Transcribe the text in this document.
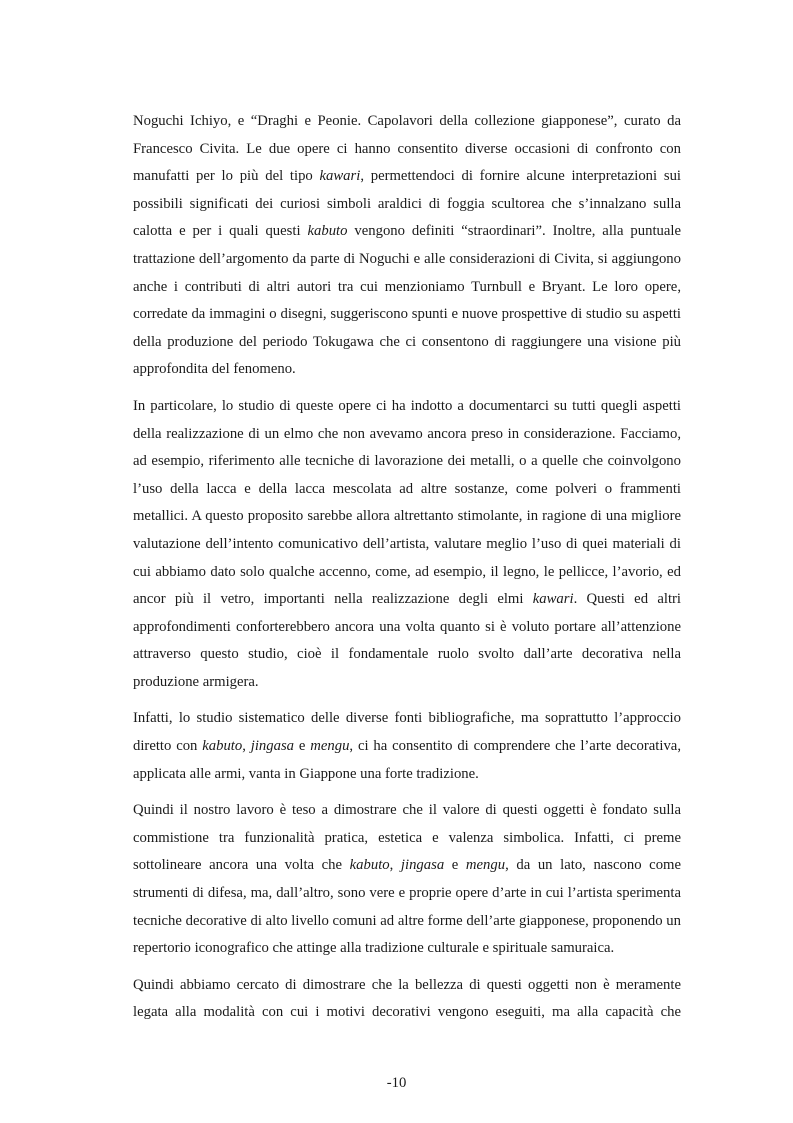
Noguchi Ichiyo, e “Draghi e Peonie. Capolavori della collezione giapponese”, curato da Francesco Civita. Le due opere ci hanno consentito diverse occasioni di confronto con manufatti per lo più del tipo kawari, permettendoci di fornire alcune interpretazioni sui possibili significati dei curiosi simboli araldici di foggia scultorea che s’innalzano sulla calotta e per i quali questi kabuto vengono definiti “straordinari”. Inoltre, alla puntuale trattazione dell’argomento da parte di Noguchi e alle considerazioni di Civita, si aggiungono anche i contributi di altri autori tra cui menzioniamo Turnbull e Bryant. Le loro opere, corredate da immagini o disegni, suggeriscono spunti e nuove prospettive di studio su aspetti della produzione del periodo Tokugawa che ci consentono di raggiungere una visione più approfondita del fenomeno.

In particolare, lo studio di queste opere ci ha indotto a documentarci su tutti quegli aspetti della realizzazione di un elmo che non avevamo ancora preso in considerazione. Facciamo, ad esempio, riferimento alle tecniche di lavorazione dei metalli, o a quelle che coinvolgono l’uso della lacca e della lacca mescolata ad altre sostanze, come polveri o frammenti metallici. A questo proposito sarebbe allora altrettanto stimolante, in ragione di una migliore valutazione dell’intento comunicativo dell’artista, valutare meglio l’uso di quei materiali di cui abbiamo dato solo qualche accenno, come, ad esempio, il legno, le pellicce, l’avorio, ed ancor più il vetro, importanti nella realizzazione degli elmi kawari. Questi ed altri approfondimenti conforterebbero ancora una volta quanto si è voluto portare all’attenzione attraverso questo studio, cioè il fondamentale ruolo svolto dall’arte decorativa nella produzione armigera.

Infatti, lo studio sistematico delle diverse fonti bibliografiche, ma soprattutto l’approccio diretto con kabuto, jingasa e mengu, ci ha consentito di comprendere che l’arte decorativa, applicata alle armi, vanta in Giappone una forte tradizione.

Quindi il nostro lavoro è teso a dimostrare che il valore di questi oggetti è fondato sulla commistione tra funzionalità pratica, estetica e valenza simbolica. Infatti, ci preme sottolineare ancora una volta che kabuto, jingasa e mengu, da un lato, nascono come strumenti di difesa, ma, dall’altro, sono vere e proprie opere d’arte in cui l’artista sperimenta tecniche decorative di alto livello comuni ad altre forme dell’arte giapponese, proponendo un repertorio iconografico che attinge alla tradizione culturale e spirituale samuraica.

Quindi abbiamo cercato di dimostrare che la bellezza di questi oggetti non è meramente legata alla modalità con cui i motivi decorativi vengono eseguiti, ma alla capacità che

-10
